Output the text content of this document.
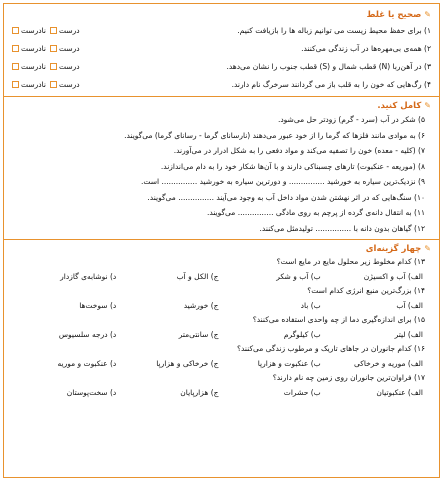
✎
صحیح یا غلط
۱) برای حفظ محیط زیست می توانیم زباله ها را بازیافت کنیم.
درست
نادرست
۲) همه‌ی بی‌مهره‌ها در آب زندگی می‌کنند.
درست
نادرست
۳) در آهن‌ربا (N) قطب شمال و (S) قطب جنوب را نشان می‌دهد.
درست
نادرست
۴) رگ‌هایی که خون را به قلب باز می گردانند سرخرگ نام دارند.
درست
نادرست
✎
کامل کنید.
۵) شکر در آب (سرد - گرم) زودتر حل می‌شود.
۶) به موادی مانند فلزها که گرما را از خود عبور می‌دهند (نارسانای گرما - رسانای گرما) می‌گویند.
۷) (کلیه - معده) خون را تصفیه می‌کند و مواد دفعی را به شکل ادرار در می‌آورند.
۸) (موریعه - عنکبوت) تارهای چسبناکی دارند و با آن‌ها شکار خود را به دام می‌اندازند.
۹) نزدیک‌ترین سیاره به خورشید ............... و دورترین سیاره به خورشید ............... است.
۱۰) سنگ‌هایی که در اثر نهشتن شدن مواد داخل آب به وجود می‌آیند ............... می‌گویند.
۱۱) به انتقال دانه‌ی گرده از پرچم به روی مادگی ............... می‌گویند.
۱۲) گیاهان بدون دانه با ............... تولیدمثل می‌کنند.
✎
چهار گزینه‌ای
۱۳) کدام مخلوط زیر محلول مایع در مایع است؟
الف) آب و اکسیژن
ب) آب و شکر
ج) الکل و آب
د) نوشابه‌ی گازدار
۱۴) بزرگ‌ترین منبع انرژی کدام است؟
الف) آب
ب) باد
ج) خورشید
د) سوخت‌ها
۱۵) برای اندازه‌گیری دما از چه واحدی استفاده می‌کنند؟
الف) لیتر
ب) کیلوگرم
ج) سانتی‌متر
د) درجه سلسیوس
۱۶) کدام جانوران در جاهای تاریک و مرطوب زندگی می‌کنند؟
الف) موریه و خرخاکی
ب) عنکبوت و هزارپا
ج) خرخاکی و هزارپا
د) عنکبوت و موریه
۱۷) فراوان‌ترین جانوران روی زمین چه نام دارند؟
الف) عنکبوتیان
ب) حشرات
ج) هزارپایان
د) سخت‌پوستان
